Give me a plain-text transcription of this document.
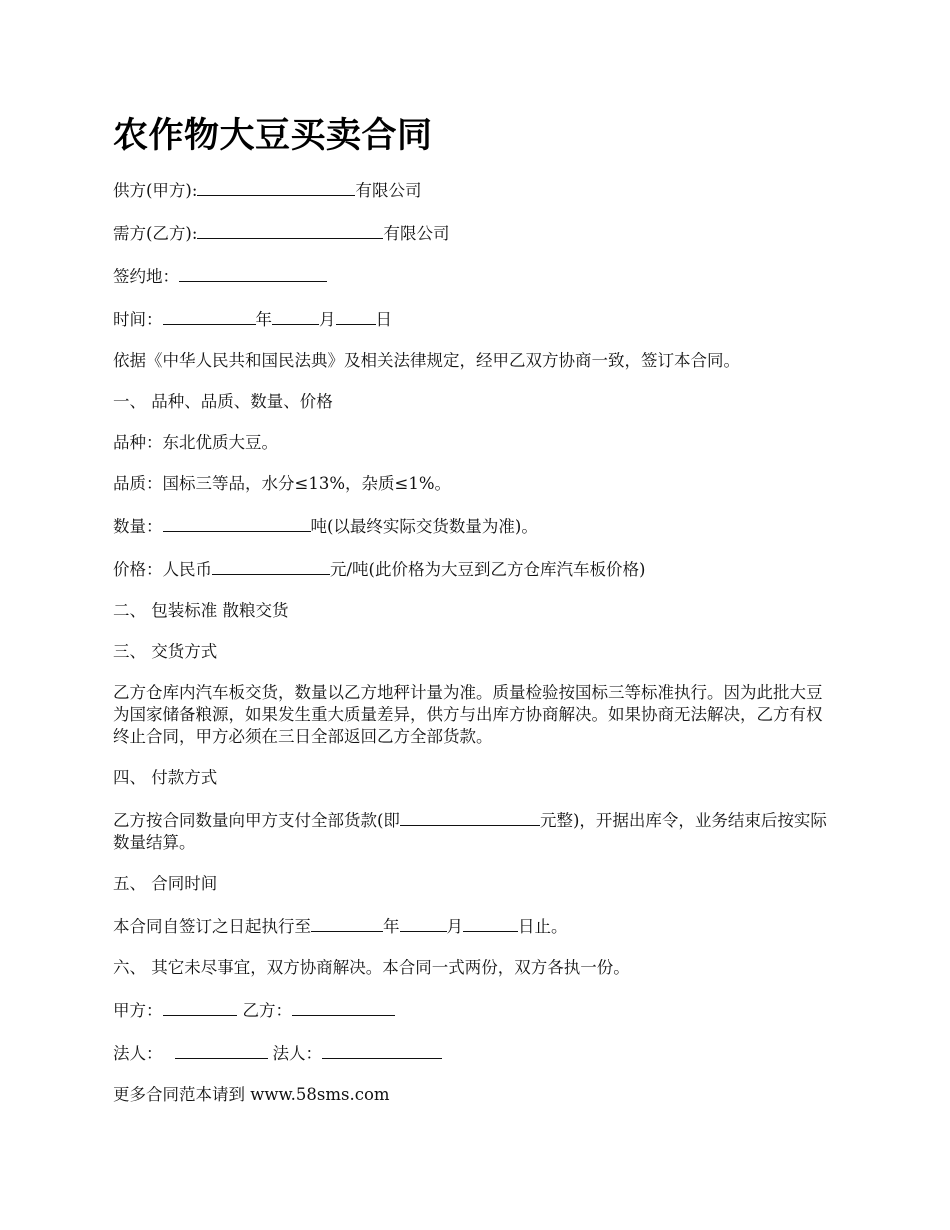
农作物大豆买卖合同

供方(甲方):	有限公司

需方(乙方):	有限公司

签约地：

时间：	年	月 日

依据《中华人民共和国民法典》及相关法律规定，经甲乙双方协商一致，签订本合同。

一、 品种、品质、数量、价格

品种：东北优质大豆。

品质：国标三等品，水分≤13%，杂质≤1%。

数量：	吨(以最终实际交货数量为准)。

价格：人民币	元/吨(此价格为大豆到乙方仓库汽车板价格)

二、 包装标准 散粮交货

三、 交货方式

乙方仓库内汽车板交货，数量以乙方地秤计量为准。质量检验按国标三等标准执行。因为此批大豆为国家储备粮源，如果发生重大质量差异，供方与出库方协商解决。如果协商无法解决，乙方有权终止合同，甲方必须在三日全部返回乙方全部货款。

四、 付款方式

乙方按合同数量向甲方支付全部货款(即	元整)，开据出库令，业务结束后按实际数量结算。

五、 合同时间

本合同自签订之日起执行至	年	月	日止。

六、 其它未尽事宜，双方协商解决。本合同一式两份，双方各执一份。

甲方：	乙方：

法人：	法人：

更多合同范本请到 www.58sms.com
